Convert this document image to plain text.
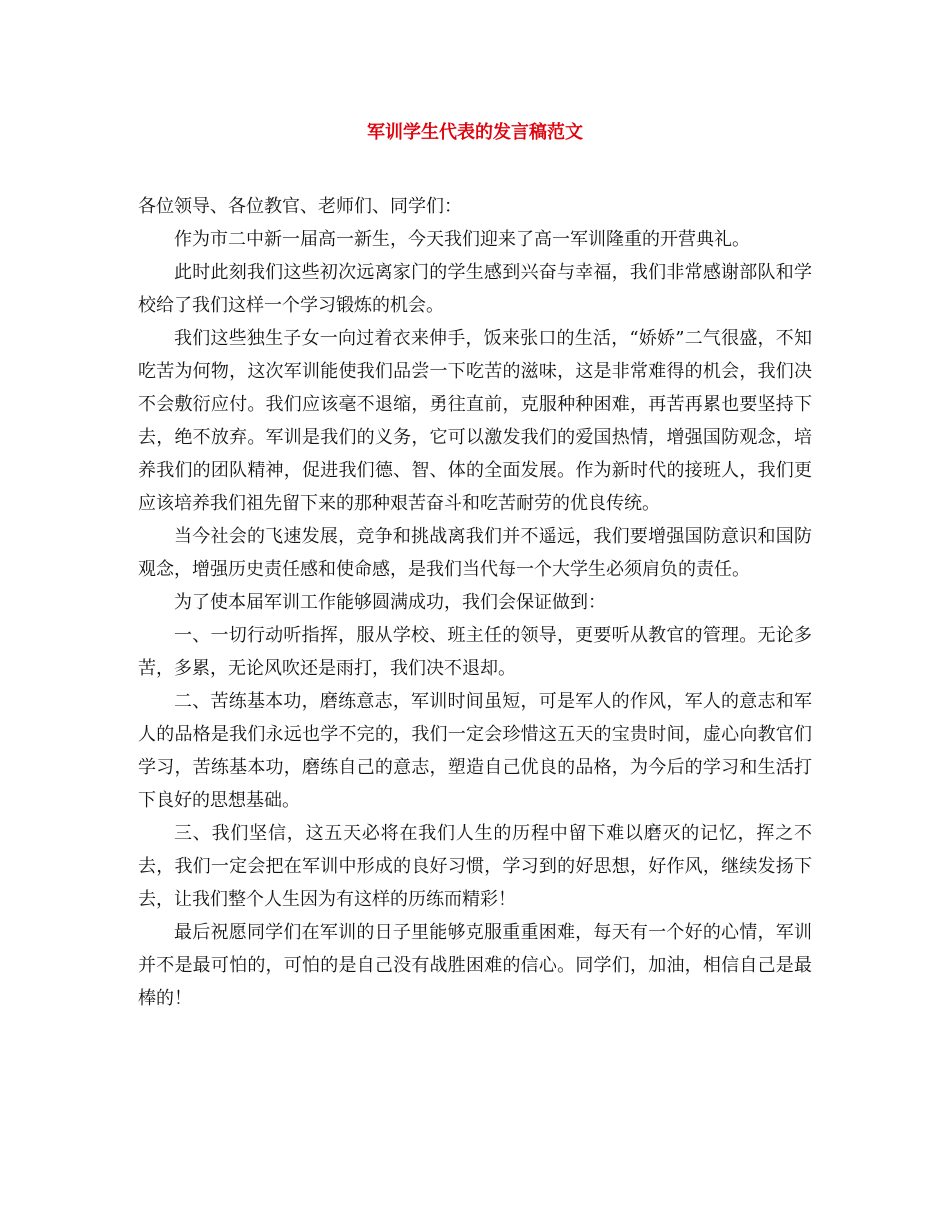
军训学生代表的发言稿范文

各位领导、各位教官、老师们、同学们：

作为市二中新一届高一新生，今天我们迎来了高一军训隆重的开营典礼。

此时此刻我们这些初次远离家门的学生感到兴奋与幸福，我们非常感谢部队和学校给了我们这样一个学习锻炼的机会。

我们这些独生子女一向过着衣来伸手，饭来张口的生活，“娇娇”二气很盛，不知吃苦为何物，这次军训能使我们品尝一下吃苦的滋味，这是非常难得的机会，我们决不会敷衍应付。我们应该毫不退缩，勇往直前，克服种种困难，再苦再累也要坚持下去，绝不放弃。军训是我们的义务，它可以激发我们的爱国热情，增强国防观念，培养我们的团队精神，促进我们德、智、体的全面发展。作为新时代的接班人，我们更应该培养我们祖先留下来的那种艰苦奋斗和吃苦耐劳的优良传统。

当今社会的飞速发展，竞争和挑战离我们并不遥远，我们要增强国防意识和国防观念，增强历史责任感和使命感，是我们当代每一个大学生必须肩负的责任。

为了使本届军训工作能够圆满成功，我们会保证做到：

一、一切行动听指挥，服从学校、班主任的领导，更要听从教官的管理。无论多苦，多累，无论风吹还是雨打，我们决不退却。

二、苦练基本功，磨练意志，军训时间虽短，可是军人的作风，军人的意志和军人的品格是我们永远也学不完的，我们一定会珍惜这五天的宝贵时间，虚心向教官们学习，苦练基本功，磨练自己的意志，塑造自己优良的品格，为今后的学习和生活打下良好的思想基础。

三、我们坚信，这五天必将在我们人生的历程中留下难以磨灭的记忆，挥之不去，我们一定会把在军训中形成的良好习惯，学习到的好思想，好作风，继续发扬下去，让我们整个人生因为有这样的历练而精彩！

最后祝愿同学们在军训的日子里能够克服重重困难，每天有一个好的心情，军训并不是最可怕的，可怕的是自己没有战胜困难的信心。同学们，加油，相信自己是最棒的！
